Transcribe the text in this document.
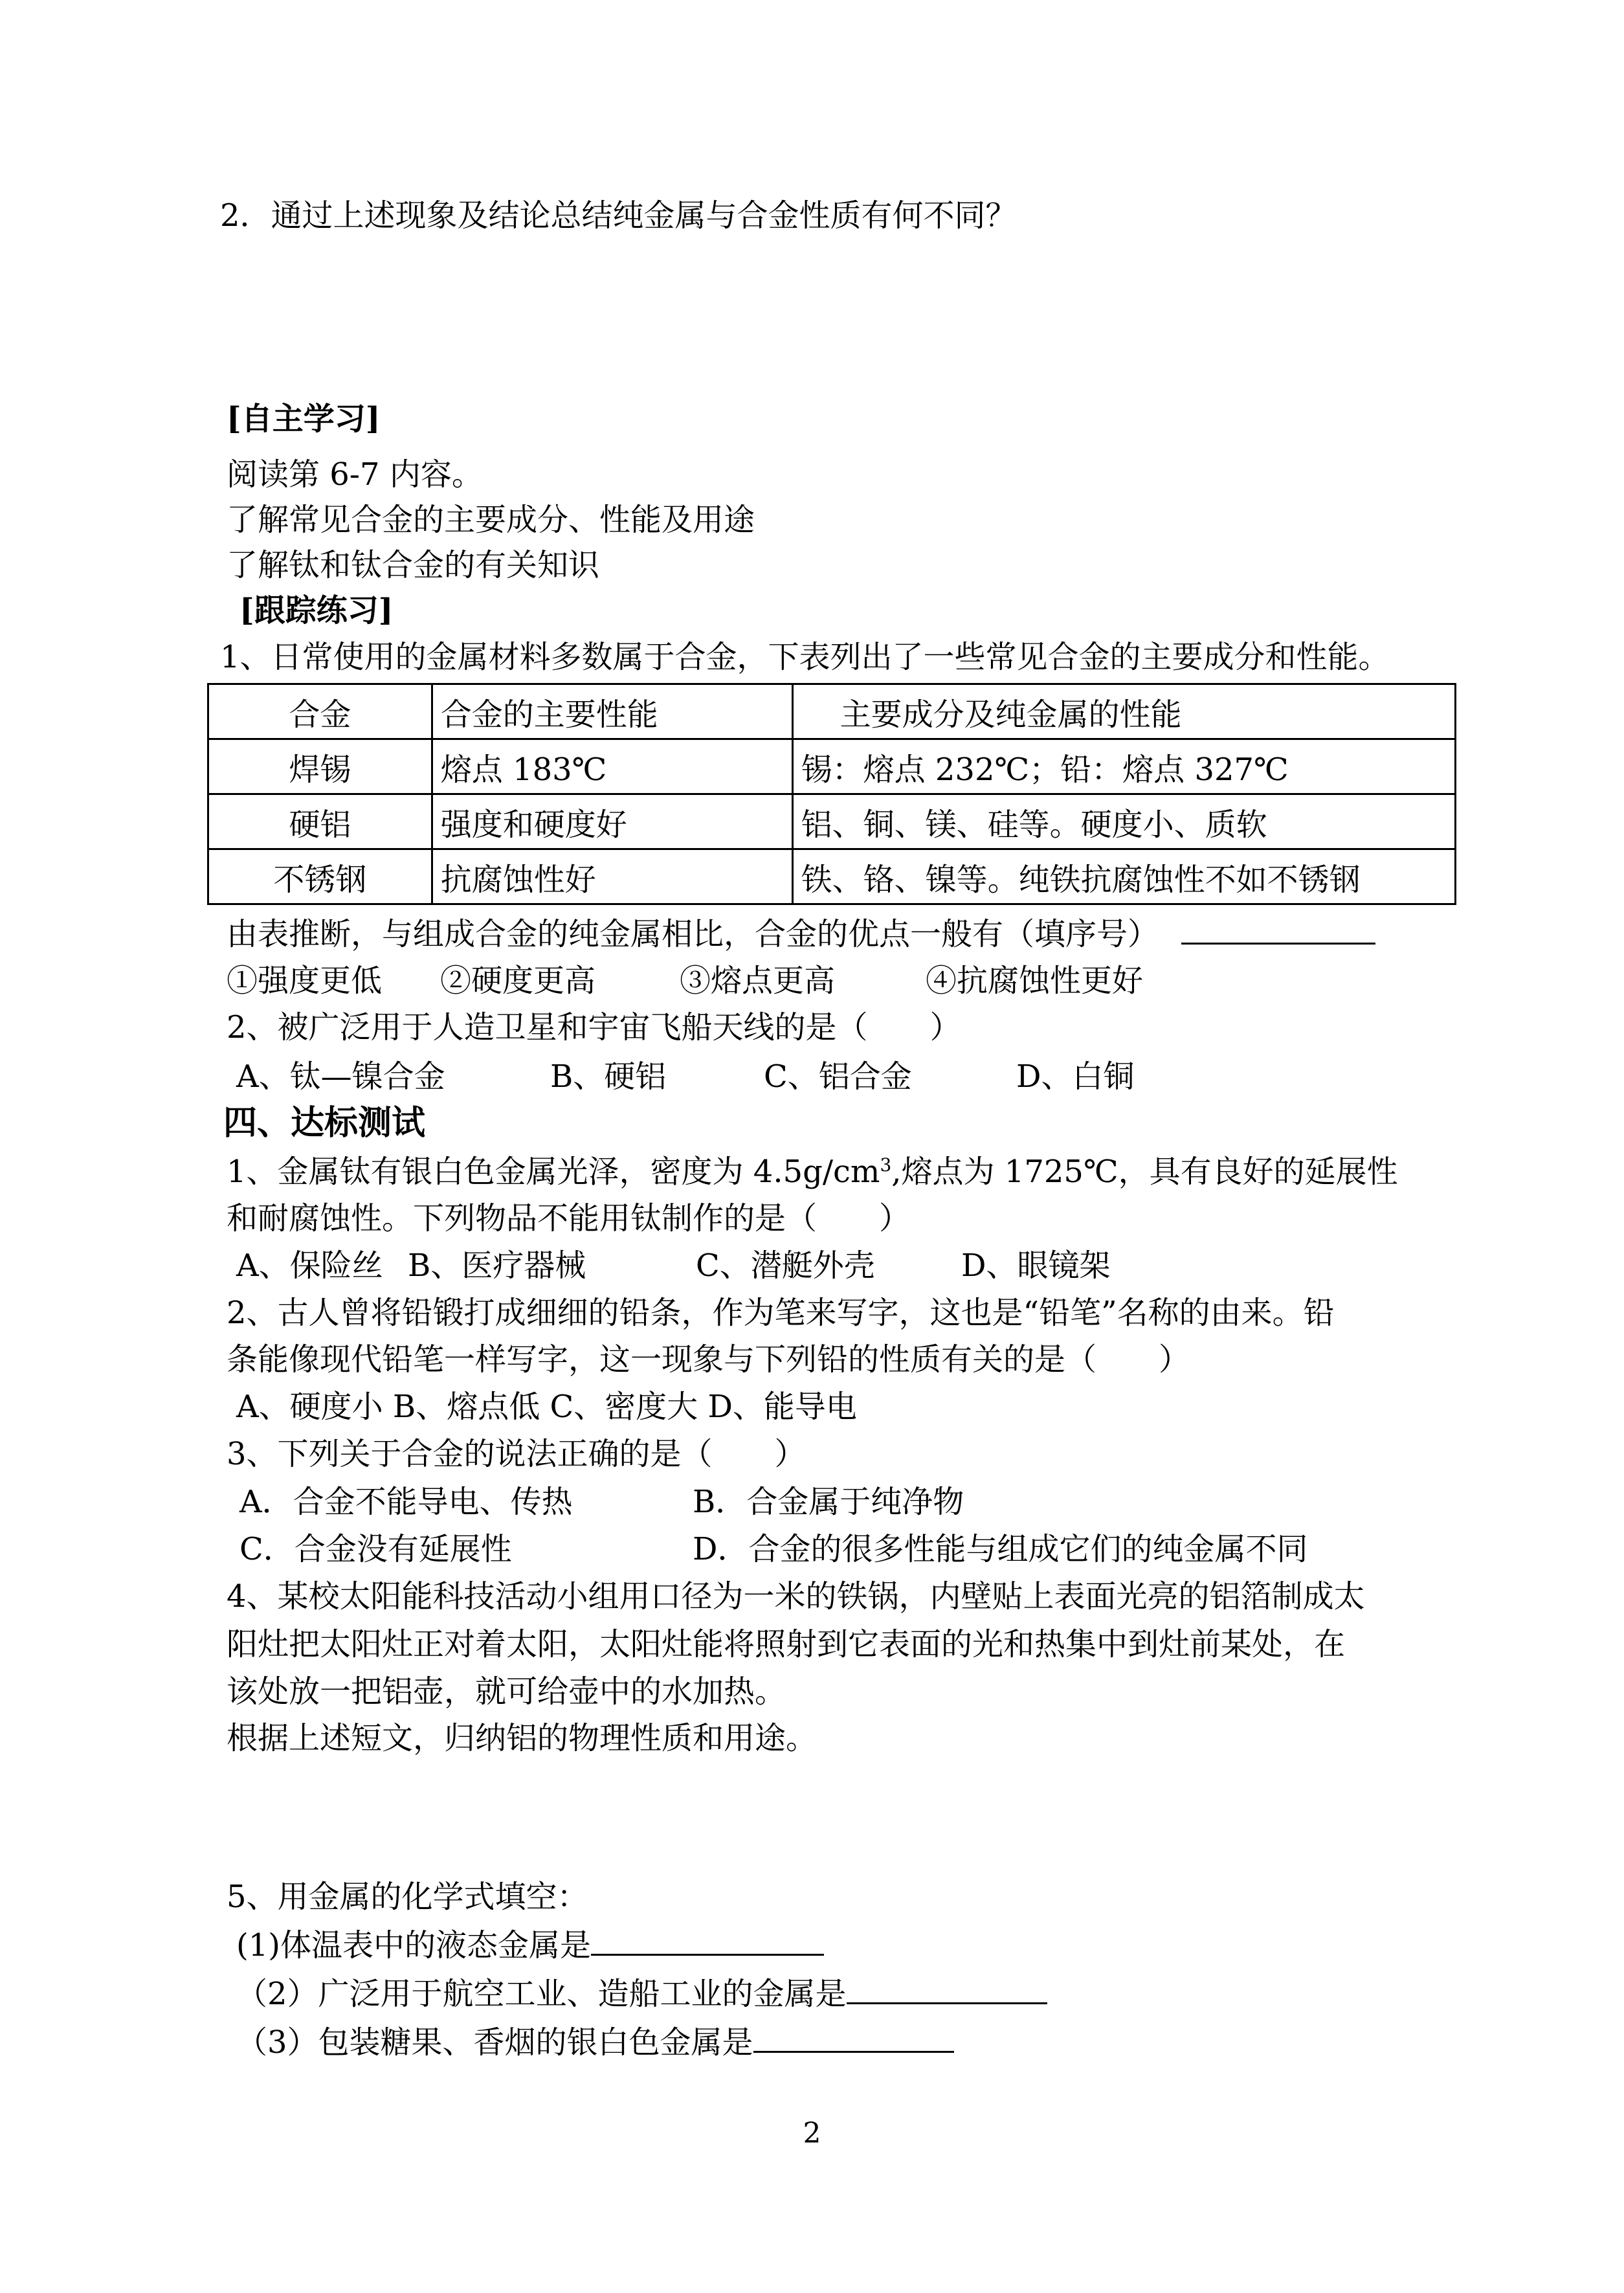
2．通过上述现象及结论总结纯金属与合金性质有何不同？
[自主学习]
阅读第 6-7 内容。
了解常见合金的主要成分、性能及用途
了解钛和钛合金的有关知识
[跟踪练习]
1、日常使用的金属材料多数属于合金，下表列出了一些常见合金的主要成分和性能。
合金	合金的主要性能	主要成分及纯金属的性能
焊锡	熔点 183℃	锡：熔点 232℃；铅：熔点 327℃
硬铝	强度和硬度好	铝、铜、镁、硅等。硬度小、质软
不锈钢	抗腐蚀性好	铁、铬、镍等。纯铁抗腐蚀性不如不锈钢
由表推断，与组成合金的纯金属相比，合金的优点一般有（填序号）
①强度更低 ②硬度更高	③熔点更高	④抗腐蚀性更好
2、被广泛用于人造卫星和宇宙飞船天线的是（　　）
A、钛—镍合金	B、硬铝	C、铝合金	D、白铜
四、达标测试
1、金属钛有银白色金属光泽，密度为 $4.5g/cm^3$,熔点为 1725℃，具有良好的延展性
和耐腐蚀性。下列物品不能用钛制作的是（　　）
A、保险丝 B、医疗器械	C、潜艇外壳	D、眼镜架
2、古人曾将铅锻打成细细的铅条，作为笔来写字，这也是“铅笔”名称的由来。铅
条能像现代铅笔一样写字，这一现象与下列铅的性质有关的是（　　）
A、硬度小 B、熔点低 C、密度大 D、能导电
3、下列关于合金的说法正确的是（　　）
A．合金不能导电、传热	B．合金属于纯净物
C．合金没有延展性	D．合金的很多性能与组成它们的纯金属不同
4、某校太阳能科技活动小组用口径为一米的铁锅，内壁贴上表面光亮的铝箔制成太
阳灶把太阳灶正对着太阳，太阳灶能将照射到它表面的光和热集中到灶前某处，在
该处放一把铝壶，就可给壶中的水加热。
根据上述短文，归纳铝的物理性质和用途。
5、用金属的化学式填空：
(1)体温表中的液态金属是
（2）广泛用于航空工业、造船工业的金属是
（3）包装糖果、香烟的银白色金属是
2
